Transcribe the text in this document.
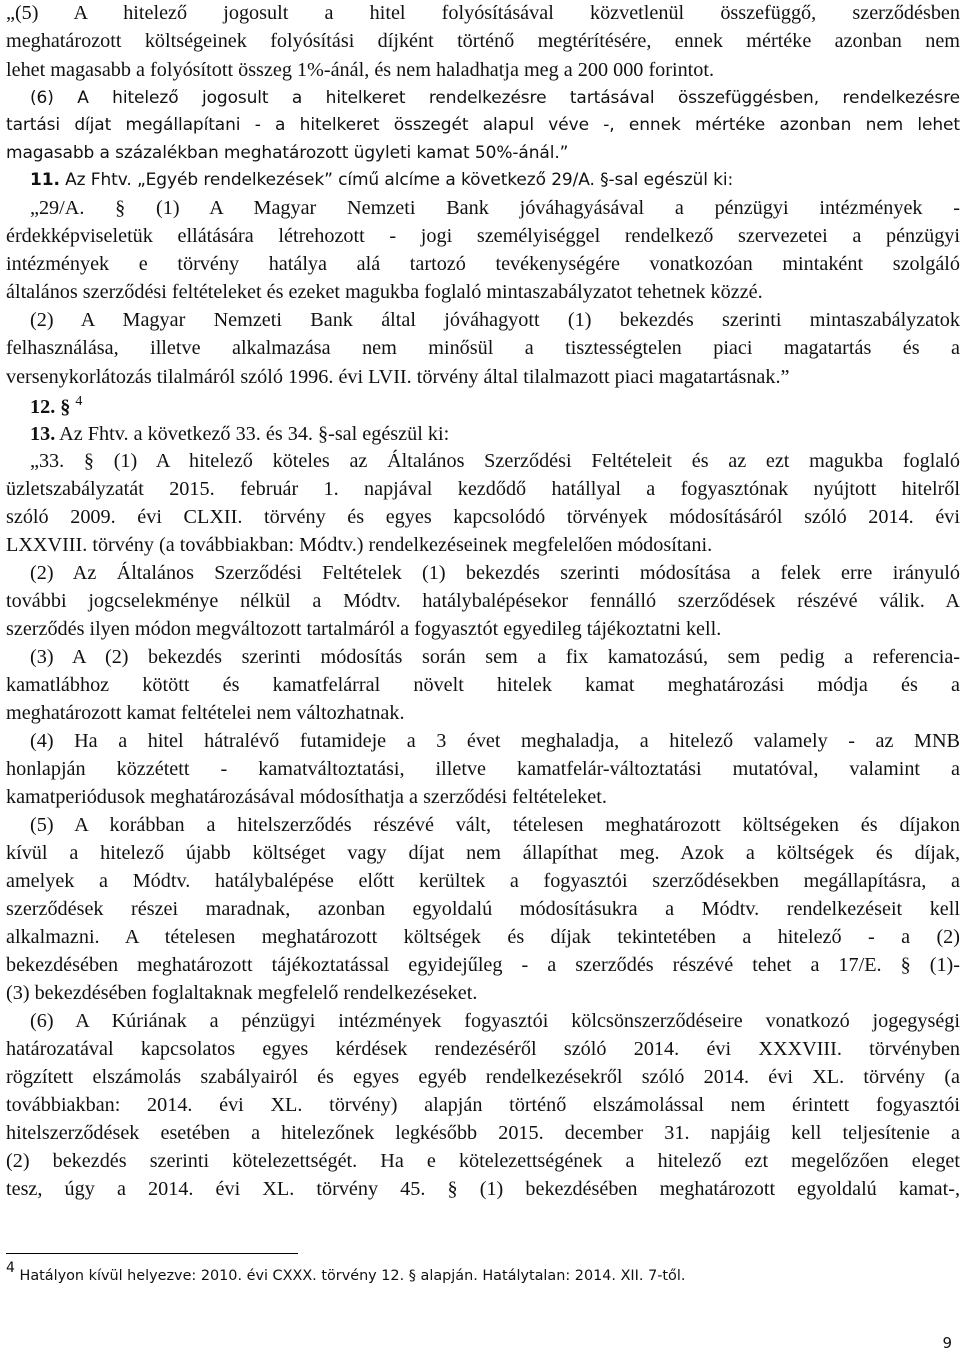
„(5) A hitelező jogosult a hitel folyósításával közvetlenül összefüggő, szerződésben
meghatározott költségeinek folyósítási díjként történő megtérítésére, ennek mértéke azonban nem
lehet magasabb a folyósított összeg 1%-ánál, és nem haladhatja meg a 200 000 forintot.
(6) A hitelező jogosult a hitelkeret rendelkezésre tartásával összefüggésben, rendelkezésre
tartási díjat megállapítani - a hitelkeret összegét alapul véve -, ennek mértéke azonban nem lehet
magasabb a százalékban meghatározott ügyleti kamat 50%-ánál.”
11. Az Fhtv. „Egyéb rendelkezések” című alcíme a következő 29/A. §-sal egészül ki:
„29/A. § (1) A Magyar Nemzeti Bank jóváhagyásával a pénzügyi intézmények -
érdekképviseletük ellátására létrehozott - jogi személyiséggel rendelkező szervezetei a pénzügyi
intézmények e törvény hatálya alá tartozó tevékenységére vonatkozóan mintaként szolgáló
általános szerződési feltételeket és ezeket magukba foglaló mintaszabályzatot tehetnek közzé.
(2) A Magyar Nemzeti Bank által jóváhagyott (1) bekezdés szerinti mintaszabályzatok
felhasználása, illetve alkalmazása nem minősül a tisztességtelen piaci magatartás és a
versenykorlátozás tilalmáról szóló 1996. évi LVII. törvény által tilalmazott piaci magatartásnak.”
12. § $^4$
13. Az Fhtv. a következő 33. és 34. §-sal egészül ki:
„33. § (1) A hitelező köteles az Általános Szerződési Feltételeit és az ezt magukba foglaló
üzletszabályzatát 2015. február 1. napjával kezdődő hatállyal a fogyasztónak nyújtott hitelről
szóló 2009. évi CLXII. törvény és egyes kapcsolódó törvények módosításáról szóló 2014. évi
LXXVIII. törvény (a továbbiakban: Módtv.) rendelkezéseinek megfelelően módosítani.
(2) Az Általános Szerződési Feltételek (1) bekezdés szerinti módosítása a felek erre irányuló
további jogcselekménye nélkül a Módtv. hatálybalépésekor fennálló szerződések részévé válik. A
szerződés ilyen módon megváltozott tartalmáról a fogyasztót egyedileg tájékoztatni kell.
(3) A (2) bekezdés szerinti módosítás során sem a fix kamatozású, sem pedig a referencia-
kamatlábhoz kötött és kamatfelárral növelt hitelek kamat meghatározási módja és a
meghatározott kamat feltételei nem változhatnak.
(4) Ha a hitel hátralévő futamideje a 3 évet meghaladja, a hitelező valamely - az MNB
honlapján közzétett - kamatváltoztatási, illetve kamatfelár-változtatási mutatóval, valamint a
kamatperiódusok meghatározásával módosíthatja a szerződési feltételeket.
(5) A korábban a hitelszerződés részévé vált, tételesen meghatározott költségeken és díjakon
kívül a hitelező újabb költséget vagy díjat nem állapíthat meg. Azok a költségek és díjak,
amelyek a Módtv. hatálybalépése előtt kerültek a fogyasztói szerződésekben megállapításra, a
szerződések részei maradnak, azonban egyoldalú módosításukra a Módtv. rendelkezéseit kell
alkalmazni. A tételesen meghatározott költségek és díjak tekintetében a hitelező - a (2)
bekezdésében meghatározott tájékoztatással egyidejűleg - a szerződés részévé tehet a 17/E. § (1)-
(3) bekezdésében foglaltaknak megfelelő rendelkezéseket.
(6) A Kúriának a pénzügyi intézmények fogyasztói kölcsönszerződéseire vonatkozó jogegységi
határozatával kapcsolatos egyes kérdések rendezéséről szóló 2014. évi XXXVIII. törvényben
rögzített elszámolás szabályairól és egyes egyéb rendelkezésekről szóló 2014. évi XL. törvény (a
továbbiakban: 2014. évi XL. törvény) alapján történő elszámolással nem érintett fogyasztói
hitelszerződések esetében a hitelezőnek legkésőbb 2015. december 31. napjáig kell teljesítenie a
(2) bekezdés szerinti kötelezettségét. Ha e kötelezettségének a hitelező ezt megelőzően eleget
tesz, úgy a 2014. évi XL. törvény 45. § (1) bekezdésében meghatározott egyoldalú kamat-,
$^4$ Hatályon kívül helyezve: 2010. évi CXXX. törvény 12. § alapján. Hatálytalan: 2014. XII. 7-től.
9
